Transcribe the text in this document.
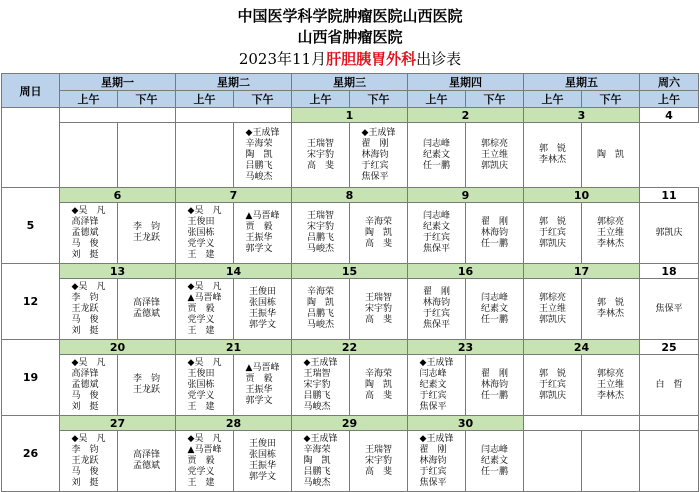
中国医学科学院肿瘤医院山西医院
山西省肿瘤医院
2023年11月肝胆胰胃外科出诊表
周日	星期一		星期二		星期三		星期四		星期五		周六
	上午	下午	上午	下午	上午	下午	上午	下午	上午	下午	上午
					1		2		3		4

				◆王成锋
辛海荣
陶　凯
吕鹏飞
马峻杰	王瑞智
宋宇豹
高　斐	◆王成锋
翟　刚
林海钧
于红宾
焦保平	闫志峰
纪素文
任一鹏	郭棕亮
王立维
郭凯庆	郭　锐
李林杰	陶　凯	

5	6		7		8		9		10		11

	◆吴　凡
高泽锋
孟德斌
马　俊
刘　挺	李　钧
王龙跃	◆吴　凡
王俊田
张国栋
党学义
王　建	▲马晋峰
贾　毅
王振华
郭学文	王瑞智
宋宇豹
吕鹏飞
马峻杰	辛海荣
陶　凯
高　斐	闫志峰
纪素文
于红宾
焦保平	翟　刚
林海钧
任一鹏	郭　锐
于红宾
郭凯庆	郭棕亮
王立维
李林杰	郭凯庆

12	13		14		15		16		17		18

	◆吴　凡
李　钧
王龙跃
马　俊
刘　挺	高泽锋
孟德斌	◆吴　凡
▲马晋峰
贾　毅
党学义
王　建	王俊田
张国栋
王振华
郭学文	辛海荣
陶　凯
吕鹏飞
马峻杰	王瑞智
宋宇豹
高　斐	翟　刚
林海钧
于红宾
焦保平	闫志峰
纪素文
任一鹏	郭棕亮
王立维
郭凯庆	郭　锐
李林杰	焦保平

19	20		21		22		23		24		25

	◆吴　凡
高泽锋
孟德斌
马　俊
刘　挺	李　钧
王龙跃	◆吴　凡
王俊田
张国栋
党学义
王　建	▲马晋峰
贾　毅
王振华
郭学文	◆王成锋
王瑞智
宋宇豹
吕鹏飞
马峻杰	辛海荣
陶　凯
高　斐	◆王成锋
闫志峰
纪素文
于红宾
焦保平	翟　刚
林海钧
任一鹏	郭　锐
于红宾
郭凯庆	郭棕亮
王立维
李林杰	白　晢

26	27		28		29		30				

	◆吴　凡
李　钧
王龙跃
马　俊
刘　挺	高泽锋
孟德斌	◆吴　凡
▲马晋峰
贾　毅
党学义
王　建	王俊田
张国栋
王振华
郭学文	◆王成锋
辛海荣
陶　凯
吕鹏飞
马峻杰	王瑞智
宋宇豹
高　斐	◆王成锋
翟　刚
林海钧
于红宾
焦保平	闫志峰
纪素文
任一鹏			
